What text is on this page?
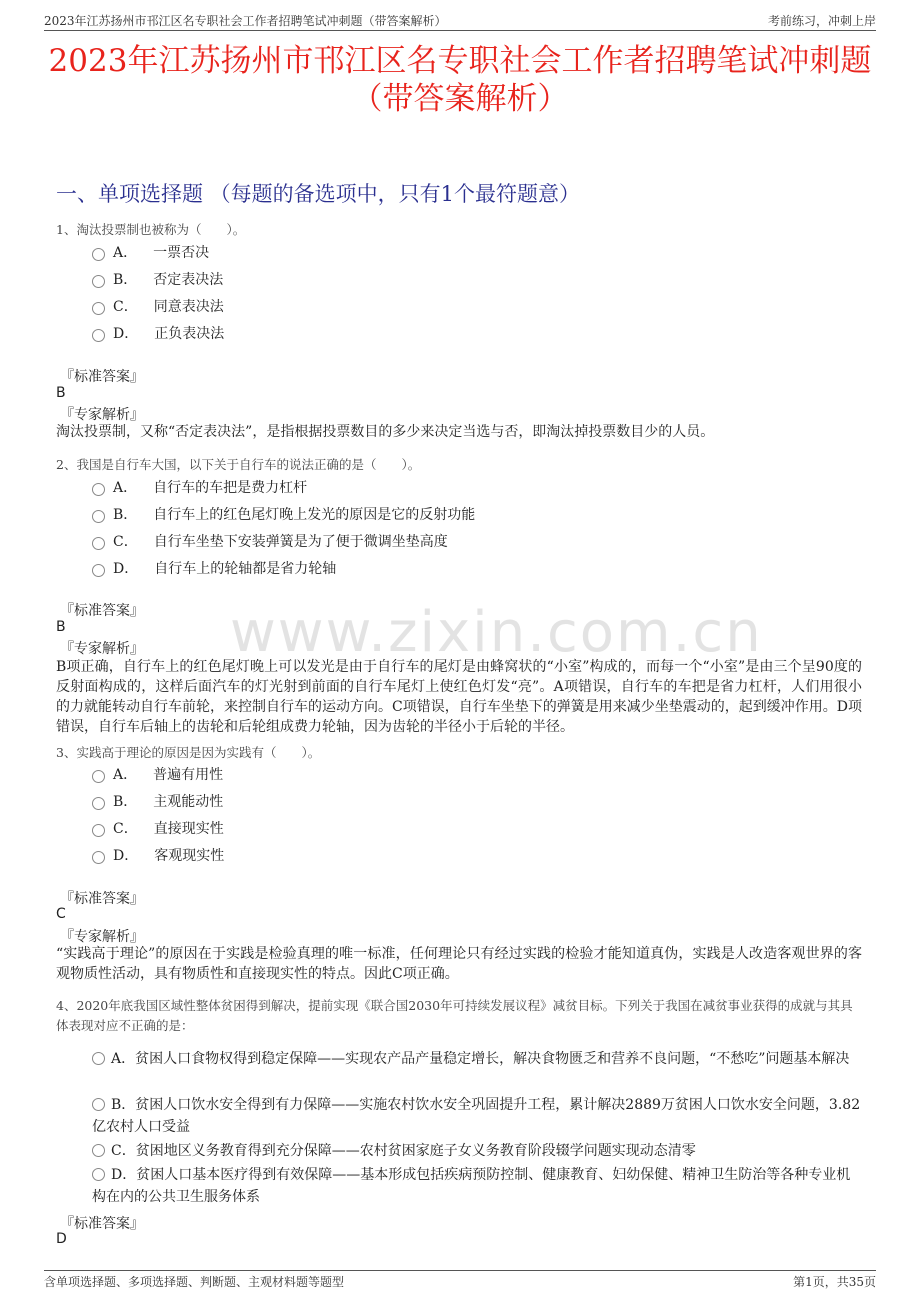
2023年江苏扬州市邗江区名专职社会工作者招聘笔试冲刺题（带答案解析）	考前练习，冲刺上岸
2023年江苏扬州市邗江区名专职社会工作者招聘笔试冲刺题
（带答案解析）
一、单项选择题 （每题的备选项中，只有1个最符题意）
www.zixin.com.cn
1、淘汰投票制也被称为（　　）。
A． 一票否决
B． 否定表决法
C． 同意表决法
D． 正负表决法
『标准答案』
B
『专家解析』
淘汰投票制，又称“否定表决法”，是指根据投票数目的多少来决定当选与否，即淘汰掉投票数目少的人员。
2、我国是自行车大国，以下关于自行车的说法正确的是（　　）。
A． 自行车的车把是费力杠杆
B． 自行车上的红色尾灯晚上发光的原因是它的反射功能
C． 自行车坐垫下安装弹簧是为了便于微调坐垫高度
D． 自行车上的轮轴都是省力轮轴
『标准答案』
B
『专家解析』
B项正确，自行车上的红色尾灯晚上可以发光是由于自行车的尾灯是由蜂窝状的“小室”构成的，而每一个“小室”是由三个呈90度的反射面构成的，这样后面汽车的灯光射到前面的自行车尾灯上使红色灯发“亮”。A项错误，自行车的车把是省力杠杆，人们用很小的力就能转动自行车前轮，来控制自行车的运动方向。C项错误，自行车坐垫下的弹簧是用来减少坐垫震动的，起到缓冲作用。D项错误，自行车后轴上的齿轮和后轮组成费力轮轴，因为齿轮的半径小于后轮的半径。
3、实践高于理论的原因是因为实践有（　　）。
A． 普遍有用性
B． 主观能动性
C． 直接现实性
D． 客观现实性
『标准答案』
C
『专家解析』
“实践高于理论”的原因在于实践是检验真理的唯一标准，任何理论只有经过实践的检验才能知道真伪，实践是人改造客观世界的客观物质性活动，具有物质性和直接现实性的特点。因此C项正确。
4、2020年底我国区域性整体贫困得到解决，提前实现《联合国2030年可持续发展议程》减贫目标。下列关于我国在减贫事业获得的成就与其具体表现对应不正确的是：
A．贫困人口食物权得到稳定保障——实现农产品产量稳定增长，解决食物匮乏和营养不良问题，“不愁吃”问题基本解决
B．贫困人口饮水安全得到有力保障——实施农村饮水安全巩固提升工程，累计解决2889万贫困人口饮水安全问题，3.82亿农村人口受益
C．贫困地区义务教育得到充分保障——农村贫困家庭子女义务教育阶段辍学问题实现动态清零
D．贫困人口基本医疗得到有效保障——基本形成包括疾病预防控制、健康教育、妇幼保健、精神卫生防治等各种专业机构在内的公共卫生服务体系
『标准答案』
D
含单项选择题、多项选择题、判断题、主观材料题等题型	第1页，共35页
